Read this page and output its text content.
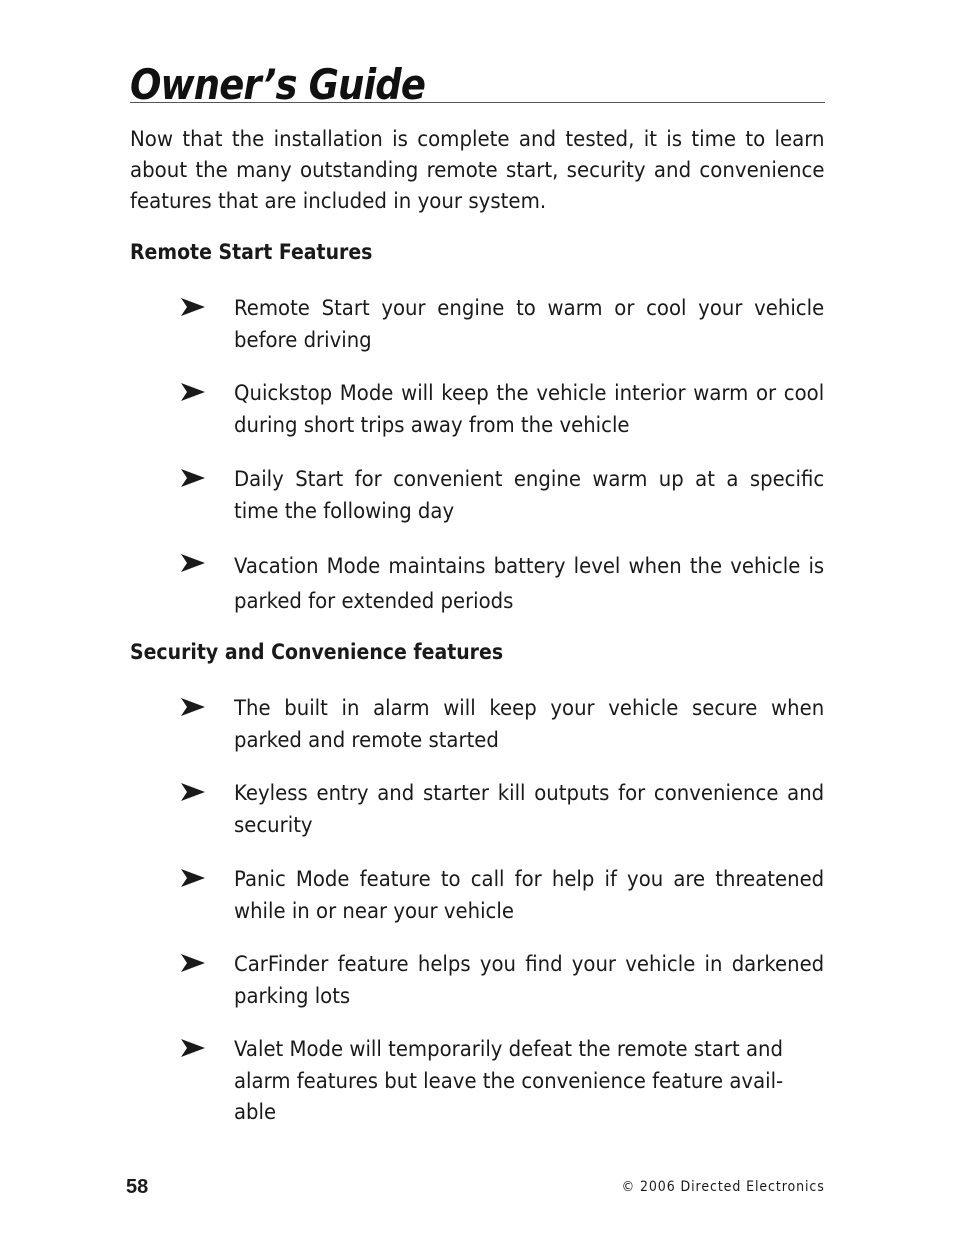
Owner’s Guide

Now that the installation is complete and tested, it is time to learn about the many outstanding remote start, security and convenience features that are included in your system.

Remote Start Features

Remote Start your engine to warm or cool your vehicle before driving

Quickstop Mode will keep the vehicle interior warm or cool during short trips away from the vehicle

Daily Start for convenient engine warm up at a specific time the following day

Vacation Mode maintains battery level when the vehicle is parked for extended periods

Security and Convenience features

The built in alarm will keep your vehicle secure when parked and remote started

Keyless entry and starter kill outputs for convenience and security

Panic Mode feature to call for help if you are threatened while in or near your vehicle

CarFinder feature helps you find your vehicle in darkened parking lots

Valet Mode will temporarily defeat the remote start and alarm features but leave the convenience feature avail- able

58	© 2006 Directed Electronics
